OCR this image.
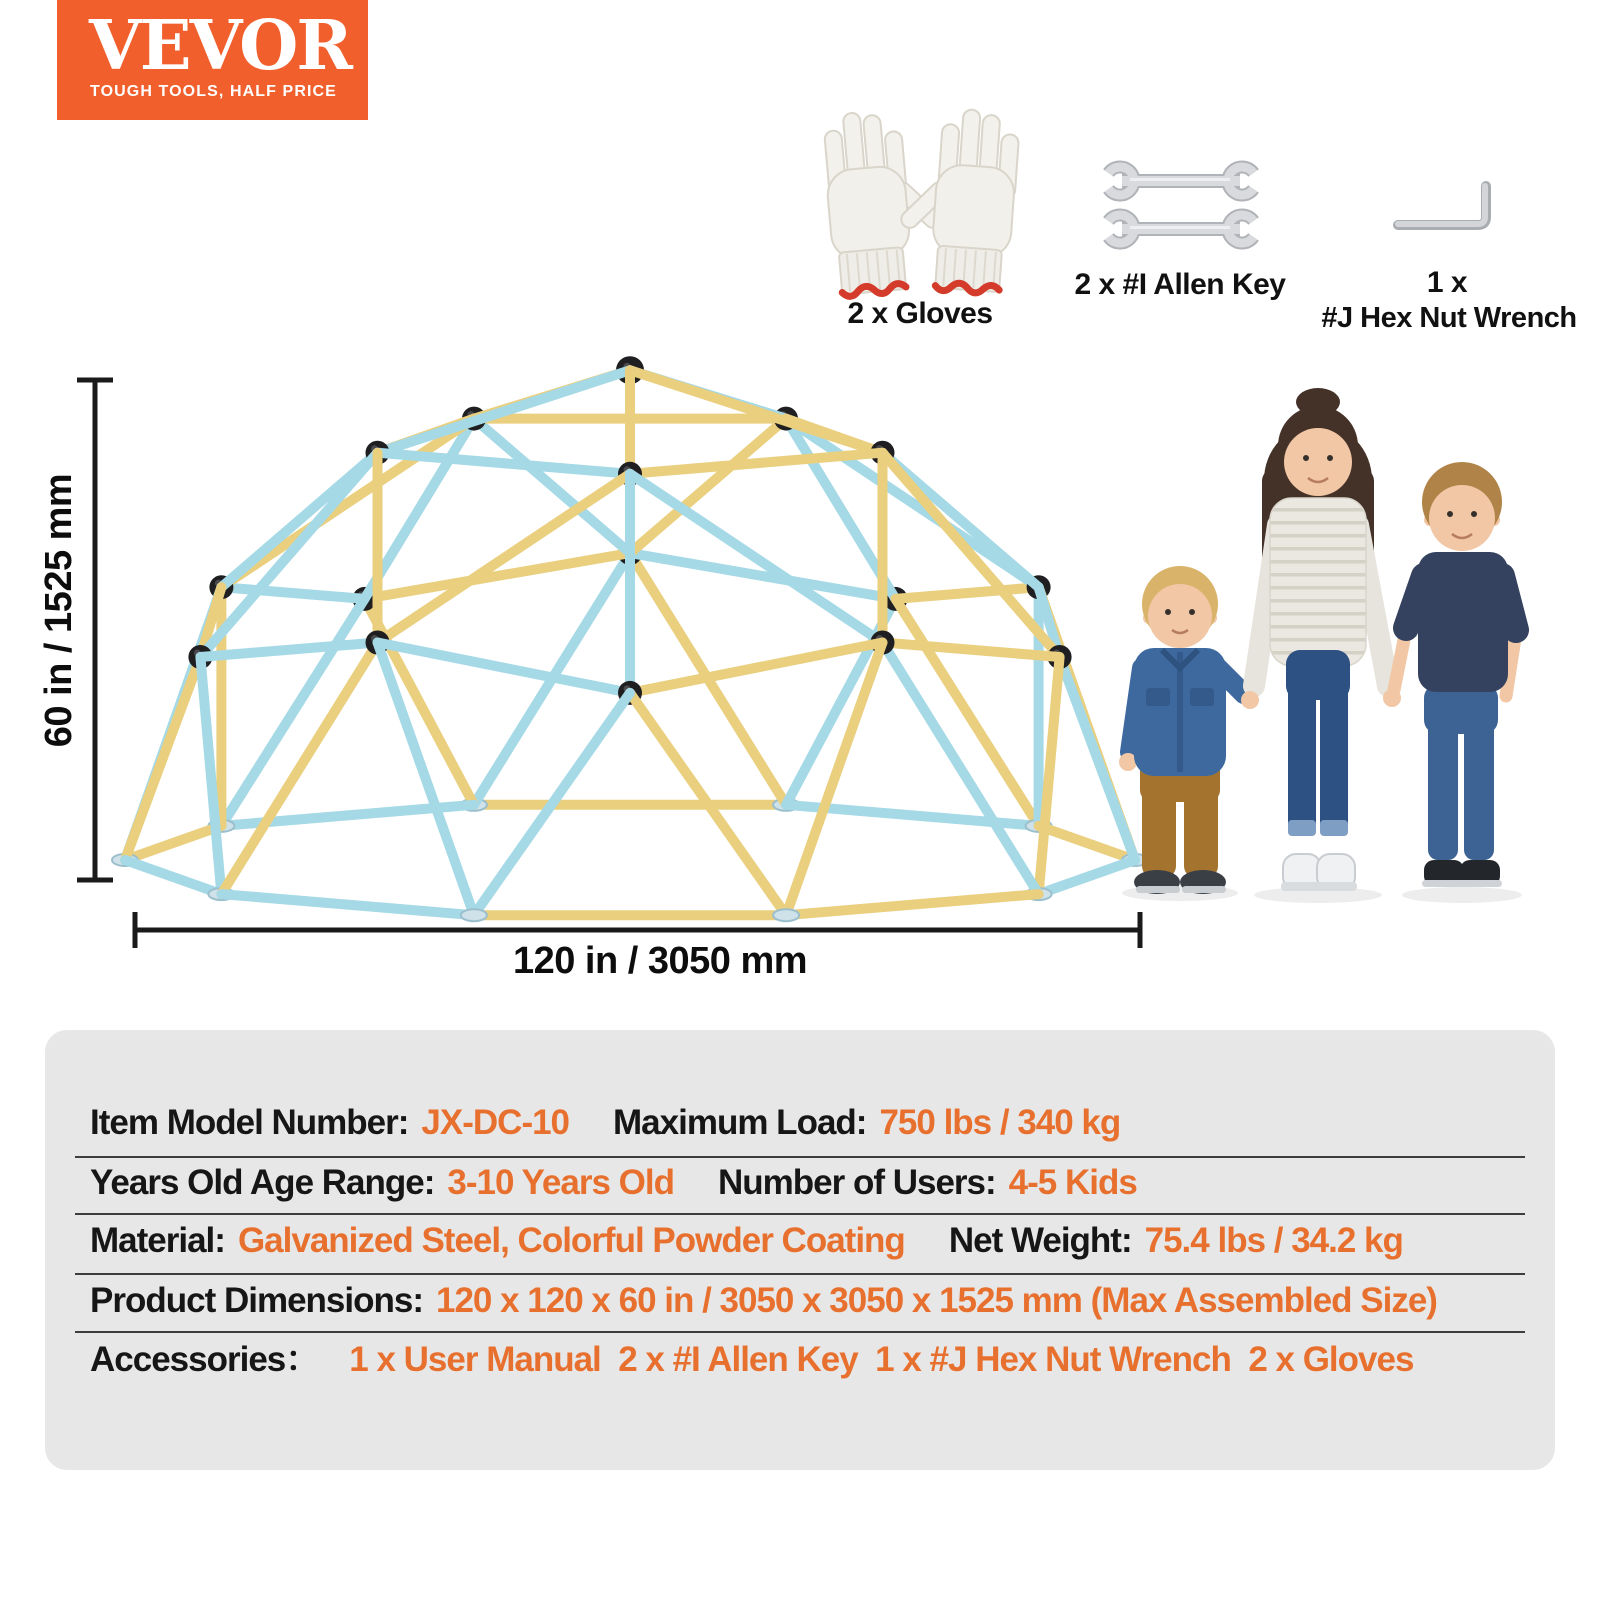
VEVOR
TOUGH TOOLS, HALF PRICE
2 x Gloves
2 x #I Allen Key	1 x
#J Hex Nut Wrench
60 in / 1525 mm
120 in / 3050 mm
Item Model Number: JX-DC-10 Maximum Load: 750 lbs / 340 kg
Years Old Age Range: 3-10 Years Old Number of Users: 4-5 Kids
Material: Galvanized Steel, Colorful Powder Coating Net Weight: 75.4 lbs / 34.2 kg
Product Dimensions: 120 x 120 x 60 in / 3050 x 3050 x 1525 mm (Max Assembled Size)
Accessories： 1 x User Manual  2 x #I Allen Key  1 x #J Hex Nut Wrench  2 x Gloves
